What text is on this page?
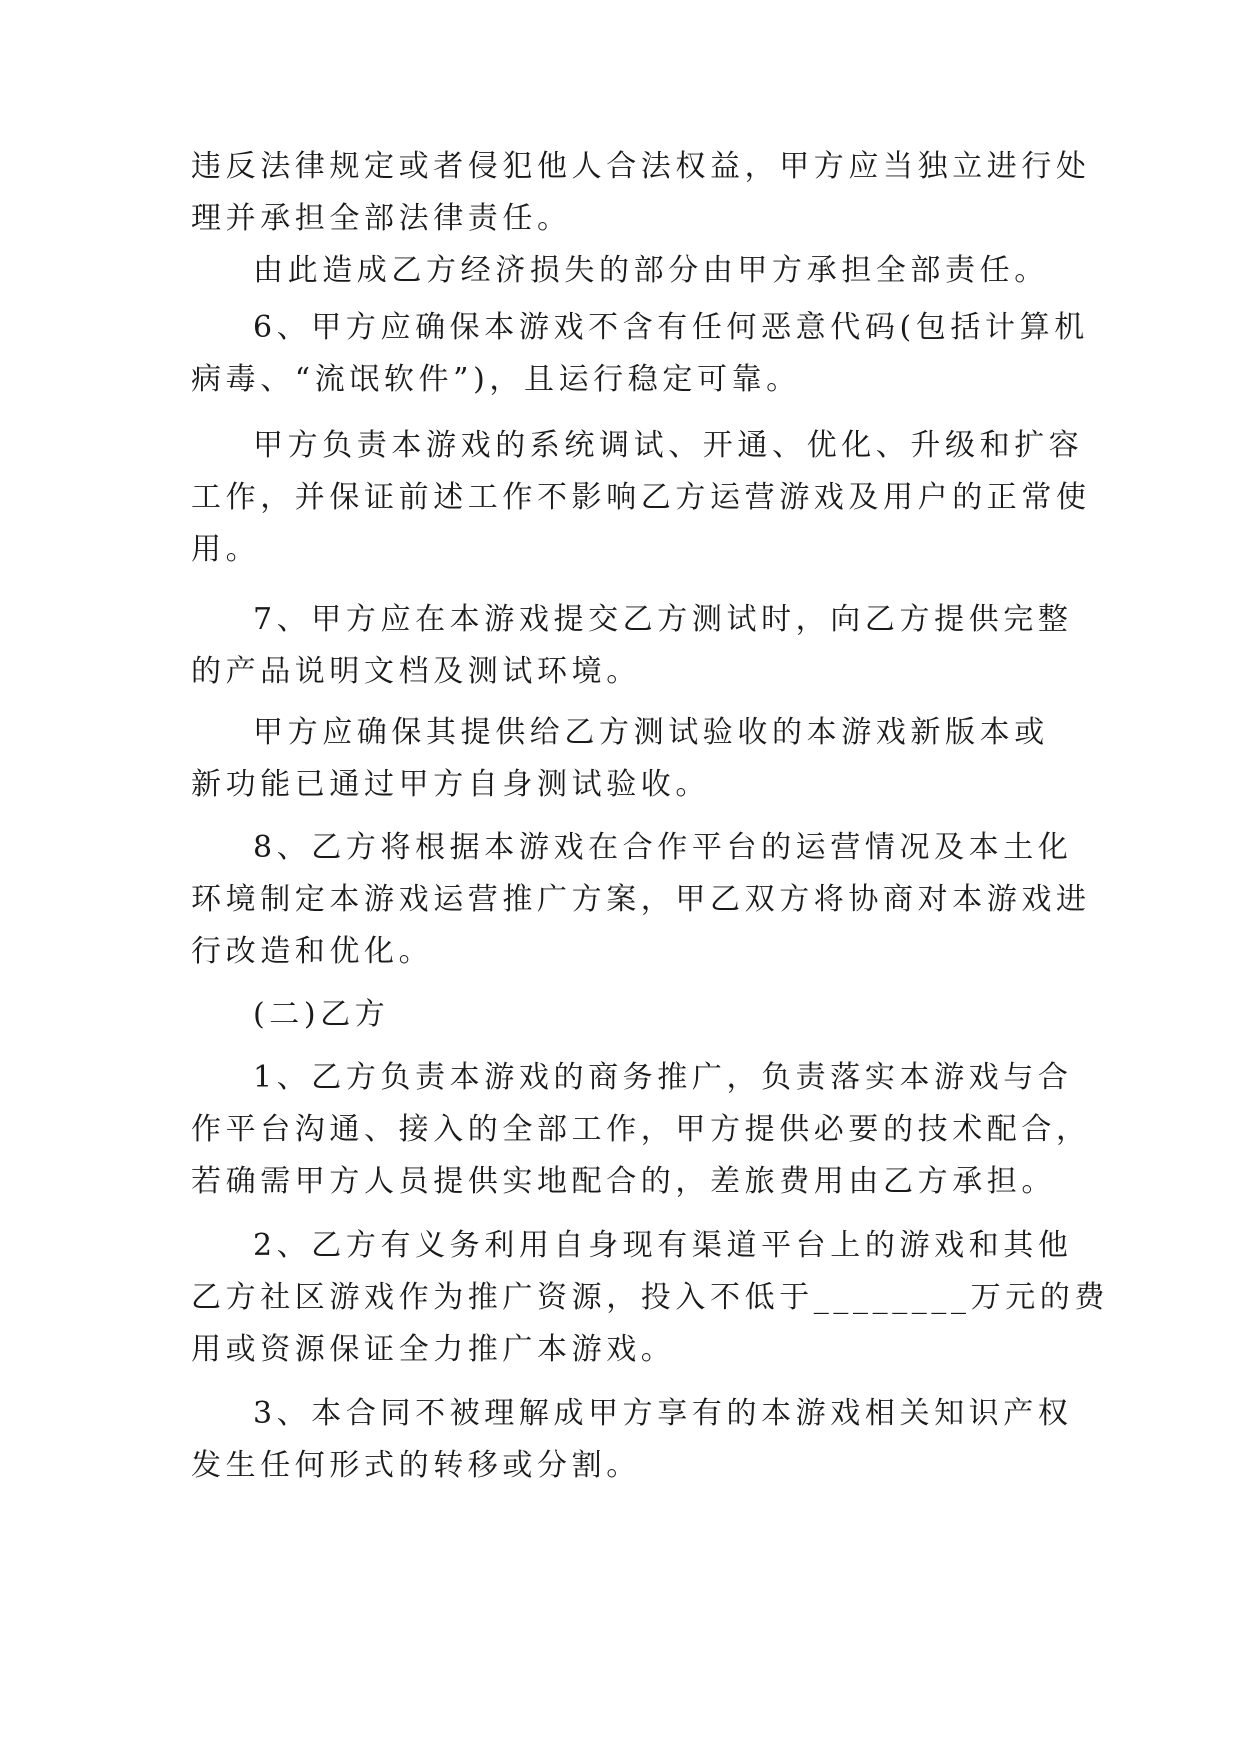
违反法律规定或者侵犯他人合法权益，甲方应当独立进行处
理并承担全部法律责任。
由此造成乙方经济损失的部分由甲方承担全部责任。
6、甲方应确保本游戏不含有任何恶意代码(包括计算机
病毒、“流氓软件”)，且运行稳定可靠。
甲方负责本游戏的系统调试、开通、优化、升级和扩容
工作，并保证前述工作不影响乙方运营游戏及用户的正常使
用。
7、甲方应在本游戏提交乙方测试时，向乙方提供完整
的产品说明文档及测试环境。
甲方应确保其提供给乙方测试验收的本游戏新版本或
新功能已通过甲方自身测试验收。
8、乙方将根据本游戏在合作平台的运营情况及本土化
环境制定本游戏运营推广方案，甲乙双方将协商对本游戏进
行改造和优化。
(二)乙方
1、乙方负责本游戏的商务推广，负责落实本游戏与合
作平台沟通、接入的全部工作，甲方提供必要的技术配合，
若确需甲方人员提供实地配合的，差旅费用由乙方承担。
2、乙方有义务利用自身现有渠道平台上的游戏和其他
乙方社区游戏作为推广资源，投入不低于________万元的费
用或资源保证全力推广本游戏。
3、本合同不被理解成甲方享有的本游戏相关知识产权
发生任何形式的转移或分割。
